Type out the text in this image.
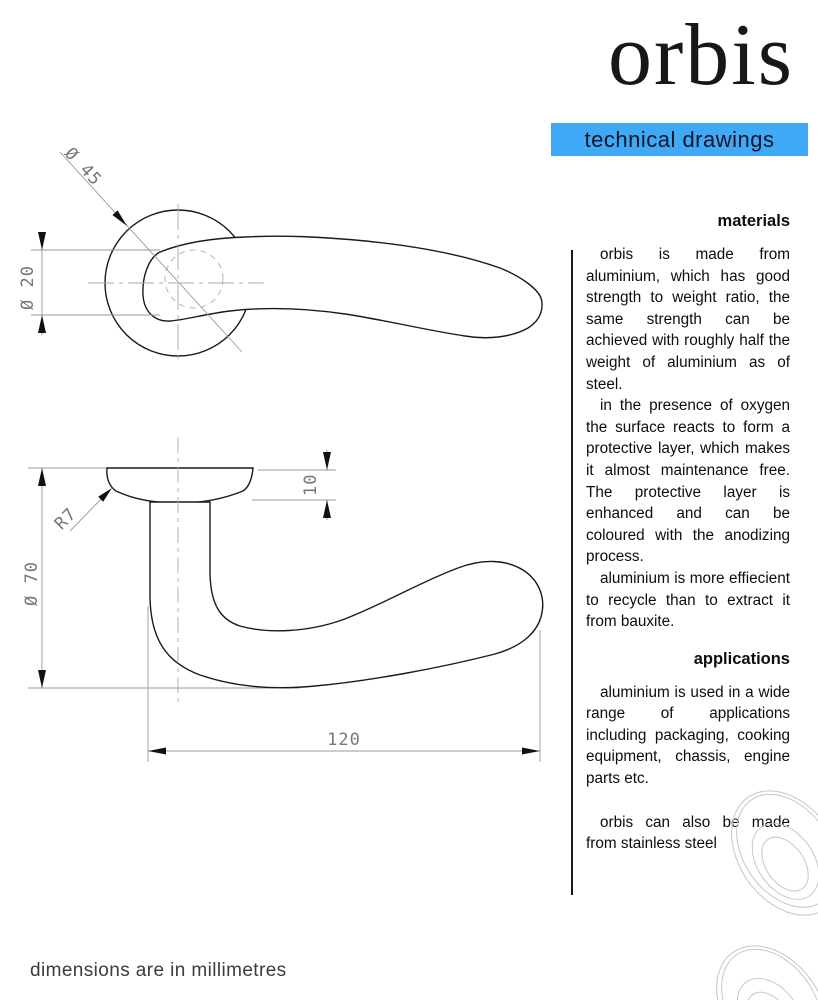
orbis
technical drawings
Ø 45
Ø 20
R7
Ø 70
10
120
materials

orbis is made from aluminium, which has good strength to weight ratio, the same strength can be achieved with roughly half the weight of aluminium as of steel.

in the presence of oxygen the surface reacts to form a protective layer, which makes it almost maintenance free. The protective layer is enhanced and can be coloured with the anodizing process.

aluminium is more effiecient to recycle than to extract it from bauxite.

applications

aluminium is used in a wide range of applications including packaging, cooking equipment, chassis, engine parts etc.

orbis can also be made from stainless steel

dimensions are in millimetres
